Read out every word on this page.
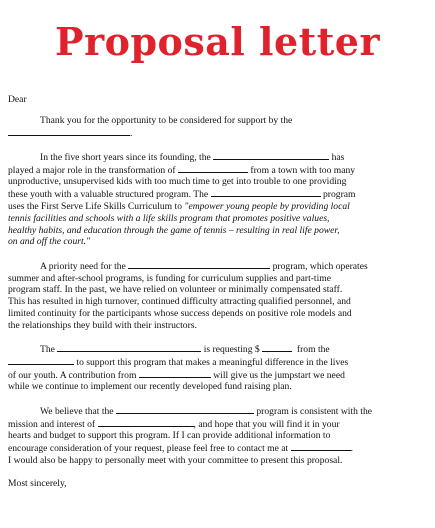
Proposal letter

Dear

Thank you for the opportunity to be considered for support by the
.

In the five short years since its founding, the	has
played a major role in the transformation of	from a town with too many
unproductive, unsupervised kids with too much time to get into trouble to one providing
these youth with a valuable structured program. The	program
uses the First Serve Life Skills Curriculum to "empower young people by providing local
tennis facilities and schools with a life skills program that promotes positive values,
healthy habits, and education through the game of tennis – resulting in real life power,
on and off the court."

A priority need for the	program, which operates
summer and after-school programs, is funding for curriculum supplies and part-time
program staff. In the past, we have relied on volunteer or minimally compensated staff.
This has resulted in high turnover, continued difficulty attracting qualified personnel, and
limited continuity for the participants whose success depends on positive role models and
the relationships they build with their instructors.

The	is requesting $	from the
to support this program that makes a meaningful difference in the lives
of our youth. A contribution from	will give us the jumpstart we need
while we continue to implement our recently developed fund raising plan.

We believe that the	program is consistent with the
mission and interest of	, and hope that you will find it in your
hearts and budget to support this program. If I can provide additional information to
encourage consideration of your request, please feel free to contact me at	.
I would also be happy to personally meet with your committee to present this proposal.

Most sincerely,
